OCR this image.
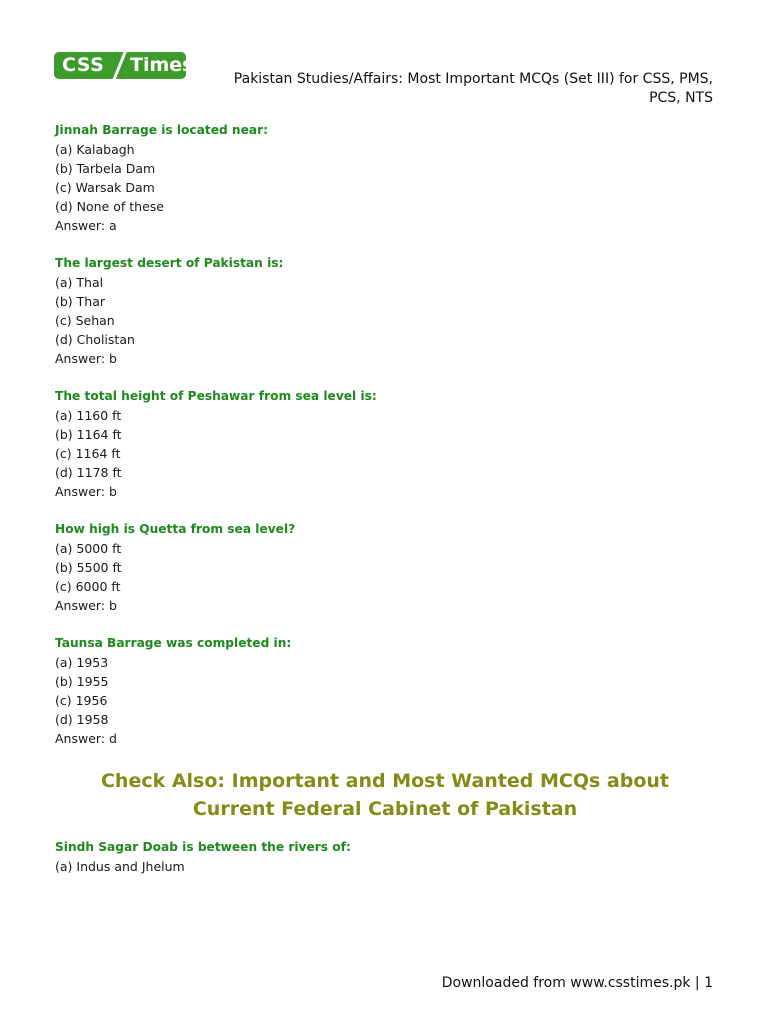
CSS	Times
Pakistan Studies/Affairs: Most Important MCQs (Set III) for CSS, PMS,
PCS, NTS
Jinnah Barrage is located near:
(a) Kalabagh
(b) Tarbela Dam
(c) Warsak Dam
(d) None of these
Answer: a
The largest desert of Pakistan is:
(a) Thal
(b) Thar
(c) Sehan
(d) Cholistan
Answer: b
The total height of Peshawar from sea level is:
(a) 1160 ft
(b) 1164 ft
(c) 1164 ft
(d) 1178 ft
Answer: b
How high is Quetta from sea level?
(a) 5000 ft
(b) 5500 ft
(c) 6000 ft
Answer: b
Taunsa Barrage was completed in:
(a) 1953
(b) 1955
(c) 1956
(d) 1958
Answer: d
Check Also: Important and Most Wanted MCQs about
Current Federal Cabinet of Pakistan
Sindh Sagar Doab is between the rivers of:
(a) Indus and Jhelum
Downloaded from www.csstimes.pk | 1
